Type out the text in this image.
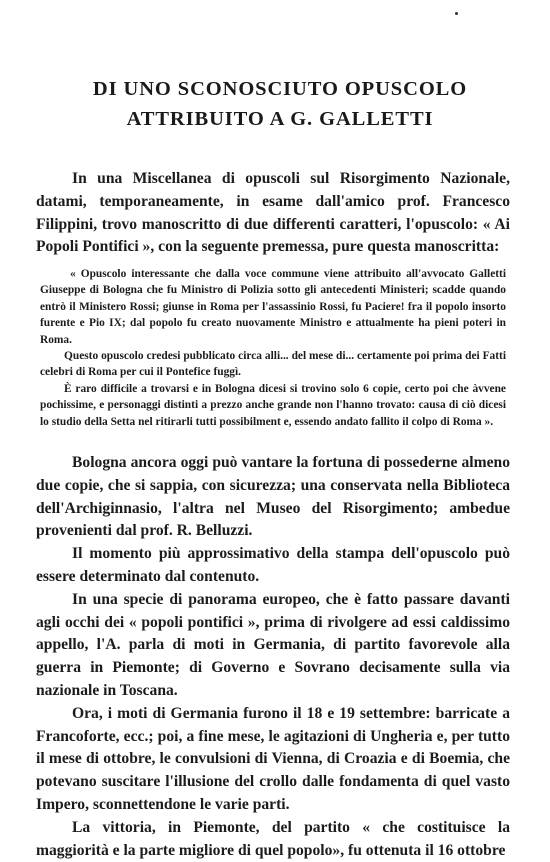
DI UNO SCONOSCIUTO OPUSCOLO
ATTRIBUITO A G. GALLETTI

In una Miscellanea di opuscoli sul Risorgimento Nazionale, datami, temporaneamente, in esame dall'amico prof. Francesco Filippini, trovo manoscritto di due differenti caratteri, l'opuscolo: « Ai Popoli Pontifici », con la seguente premessa, pure questa manoscritta:

« Opuscolo interessante che dalla voce commune viene attribuito all'avvocato Galletti Giuseppe di Bologna che fu Ministro di Polizia sotto gli antecedenti Ministeri; scadde quando entrò il Ministero Rossi; giunse in Roma per l'assassinio Rossi, fu Paciere! fra il popolo insorto furente e Pio IX; dal popolo fu creato nuovamente Ministro e attualmente ha pieni poteri in Roma.

Questo opuscolo credesi pubblicato circa alli... del mese di... certamente poi prima dei Fatti celebri di Roma per cui il Pontefice fuggì.

È raro difficile a trovarsi e in Bologna dicesi si trovino solo 6 copie, certo poi che àvvene pochissime, e personaggi distinti a prezzo anche grande non l'hanno trovato: causa di ciò dicesi lo studio della Setta nel ritirarli tutti possibilment e, essendo andato fallito il colpo di Roma ».

Bologna ancora oggi può vantare la fortuna di possederne almeno due copie, che si sappia, con sicurezza; una conservata nella Biblioteca dell'Archiginnasio, l'altra nel Museo del Risorgimento; ambedue provenienti dal prof. R. Belluzzi.

Il momento più approssimativo della stampa dell'opuscolo può essere determinato dal contenuto.

In una specie di panorama europeo, che è fatto passare davanti agli occhi dei « popoli pontifici », prima di rivolgere ad essi caldissimo appello, l'A. parla di moti in Germania, di partito favorevole alla guerra in Piemonte; di Governo e Sovrano decisamente sulla via nazionale in Toscana.

Ora, i moti di Germania furono il 18 e 19 settembre: barricate a Francoforte, ecc.; poi, a fine mese, le agitazioni di Ungheria e, per tutto il mese di ottobre, le convulsioni di Vienna, di Croazia e di Boemia, che potevano suscitare l'illusione del crollo dalle fondamenta di quel vasto Impero, sconnettendone le varie parti.

La vittoria, in Piemonte, del partito « che costituisce la maggiorità e la parte migliore di quel popolo», fu ottenuta il 16 ottobre
